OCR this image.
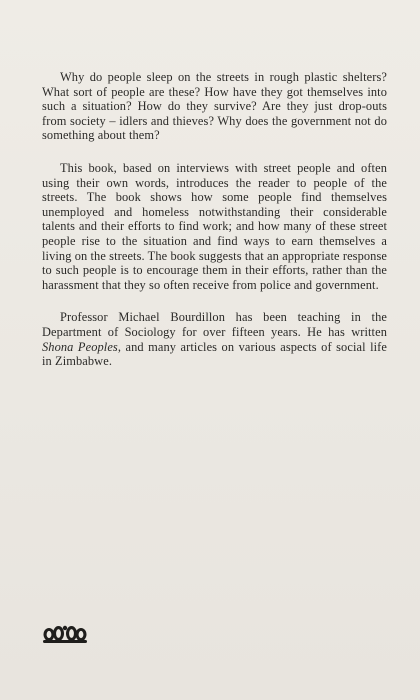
Why do people sleep on the streets in rough plastic shelters? What sort of people are these? How have they got themselves into such a situation? How do they survive? Are they just drop-outs from society – idlers and thieves? Why does the government not do something about them?

This book, based on interviews with street people and often using their own words, introduces the reader to people of the streets. The book shows how some people find themselves unemployed and homeless notwithstanding their considerable talents and their efforts to find work; and how many of these street people rise to the situation and find ways to earn themselves a living on the streets. The book suggests that an appropriate response to such people is to encourage them in their efforts, rather than the harassment that they so often receive from police and government.

Professor Michael Bourdillon has been teaching in the Department of Sociology for over fifteen years. He has written Shona Peoples, and many articles on various aspects of social life in Zimbabwe.
